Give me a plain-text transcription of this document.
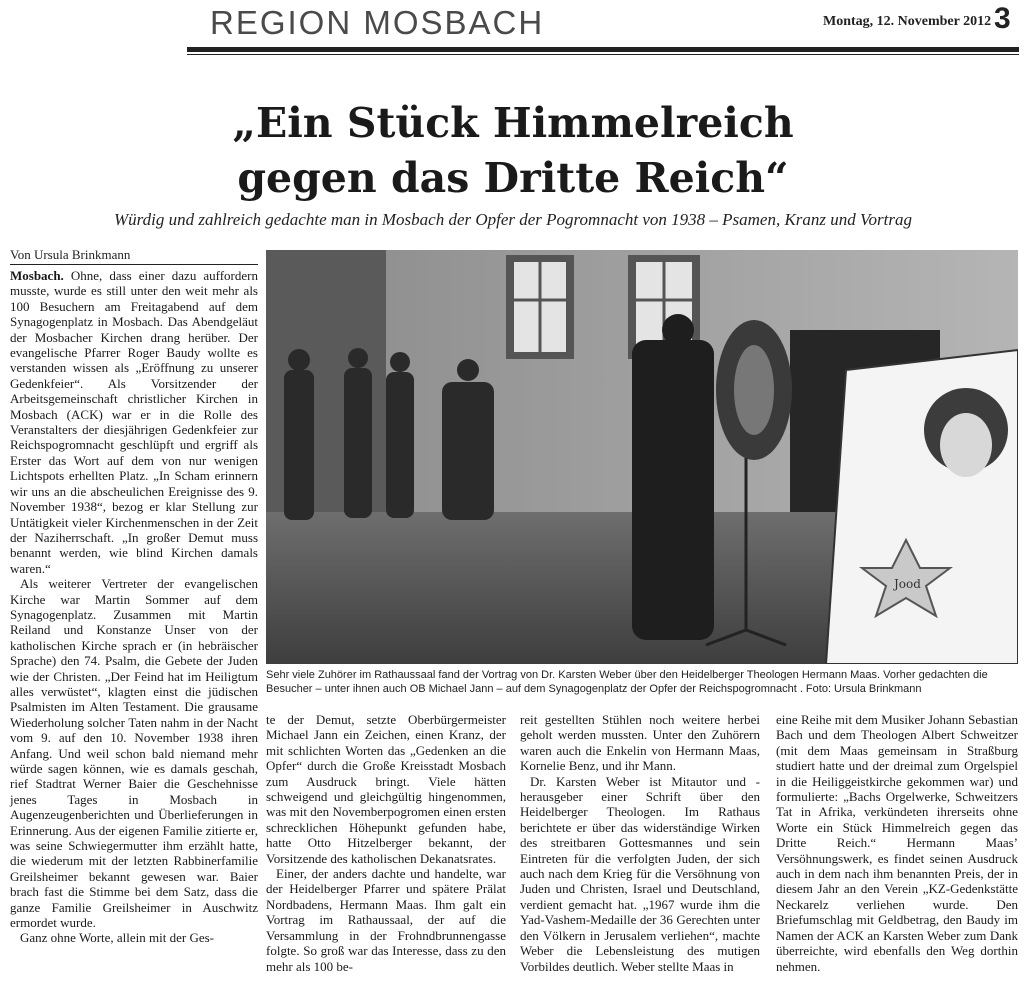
REGION MOSBACH	Montag, 12. November 2012 3
„Ein Stück Himmelreich
gegen das Dritte Reich“
Würdig und zahlreich gedachte man in Mosbach der Opfer der Pogromnacht von 1938 – Psamen, Kranz und Vortrag
Von Ursula Brinkmann

Mosbach. Ohne, dass einer dazu auffordern musste, wurde es still unter den weit mehr als 100 Besuchern am Freitagabend auf dem Synagogenplatz in Mosbach. Das Abendgeläut der Mosbacher Kirchen drang herüber. Der evangelische Pfarrer Roger Baudy wollte es verstanden wissen als „Eröffnung zu unserer Gedenkfeier“. Als Vorsitzender der Arbeitsgemeinschaft christlicher Kirchen in Mosbach (ACK) war er in die Rolle des Veranstalters der diesjährigen Gedenkfeier zur Reichspogromnacht geschlüpft und ergriff als Erster das Wort auf dem von nur wenigen Lichtspots erhellten Platz. „In Scham erinnern wir uns an die abscheulichen Ereignisse des 9. November 1938“, bezog er klar Stellung zur Untätigkeit vieler Kirchenmenschen in der Zeit der Naziherrschaft. „In großer Demut muss benannt werden, wie blind Kirchen damals waren.“

Als weiterer Vertreter der evangelischen Kirche war Martin Sommer auf dem Synagogenplatz. Zusammen mit Martin Reiland und Konstanze Unser von der katholischen Kirche sprach er (in hebräischer Sprache) den 74. Psalm, die Gebete der Juden wie der Christen. „Der Feind hat im Heiligtum alles verwüstet“, klagten einst die jüdischen Psalmisten im Alten Testament. Die grausame Wiederholung solcher Taten nahm in der Nacht vom 9. auf den 10. November 1938 ihren Anfang. Und weil schon bald niemand mehr würde sagen können, wie es damals geschah, rief Stadtrat Werner Baier die Geschehnisse jenes Tages in Mosbach in Augenzeugenberichten und Überlieferungen in Erinnerung. Aus der eigenen Familie zitierte er, was seine Schwiegermutter ihm erzählt hatte, die wiederum mit der letzten Rabbinerfamilie Greilsheimer bekannt gewesen war. Baier brach fast die Stimme bei dem Satz, dass die ganze Familie Greilsheimer in Auschwitz ermordet wurde.

Ganz ohne Worte, allein mit der Ges-

Jood
Sehr viele Zuhörer im Rathaussaal fand der Vortrag von Dr. Karsten Weber über den Heidelberger Theologen Hermann Maas. Vorher gedachten die Besucher – unter ihnen auch OB Michael Jann – auf dem Synagogenplatz der Opfer der Reichspogromnacht . Foto: Ursula Brinkmann

te der Demut, setzte Oberbürgermeister Michael Jann ein Zeichen, einen Kranz, der mit schlichten Worten das „Gedenken an die Opfer“ durch die Große Kreisstadt Mosbach zum Ausdruck bringt. Viele hätten schweigend und gleichgültig hingenommen, was mit den Novemberpogromen einen ersten schrecklichen Höhepunkt gefunden habe, hatte Otto Hitzelberger bekannt, der Vorsitzende des katholischen Dekanatsrates.

Einer, der anders dachte und handelte, war der Heidelberger Pfarrer und spätere Prälat Nordbadens, Hermann Maas. Ihm galt ein Vortrag im Rathaussaal, der auf die Versammlung in der Frohndbrunnengasse folgte. So groß war das Interesse, dass zu den mehr als 100 be-

reit gestellten Stühlen noch weitere herbei geholt werden mussten. Unter den Zuhörern waren auch die Enkelin von Hermann Maas, Kornelie Benz, und ihr Mann.

Dr. Karsten Weber ist Mitautor und -herausgeber einer Schrift über den Heidelberger Theologen. Im Rathaus berichtete er über das widerständige Wirken des streitbaren Gottesmannes und sein Eintreten für die verfolgten Juden, der sich auch nach dem Krieg für die Versöhnung von Juden und Christen, Israel und Deutschland, verdient gemacht hat. „1967 wurde ihm die Yad-Vashem-Medaille der 36 Gerechten unter den Völkern in Jerusalem verliehen“, machte Weber die Lebensleistung des mutigen Vorbildes deutlich. Weber stellte Maas in

eine Reihe mit dem Musiker Johann Sebastian Bach und dem Theologen Albert Schweitzer (mit dem Maas gemeinsam in Straßburg studiert hatte und der dreimal zum Orgelspiel in die Heiliggeistkirche gekommen war) und formulierte: „Bachs Orgelwerke, Schweitzers Tat in Afrika, verkündeten ihrerseits ohne Worte ein Stück Himmelreich gegen das Dritte Reich.“ Hermann Maas’ Versöhnungswerk, es findet seinen Ausdruck auch in dem nach ihm benannten Preis, der in diesem Jahr an den Verein „KZ-Gedenkstätte Neckarelz verliehen wurde. Den Briefumschlag mit Geldbetrag, den Baudy im Namen der ACK an Karsten Weber zum Dank überreichte, wird ebenfalls den Weg dorthin nehmen.
